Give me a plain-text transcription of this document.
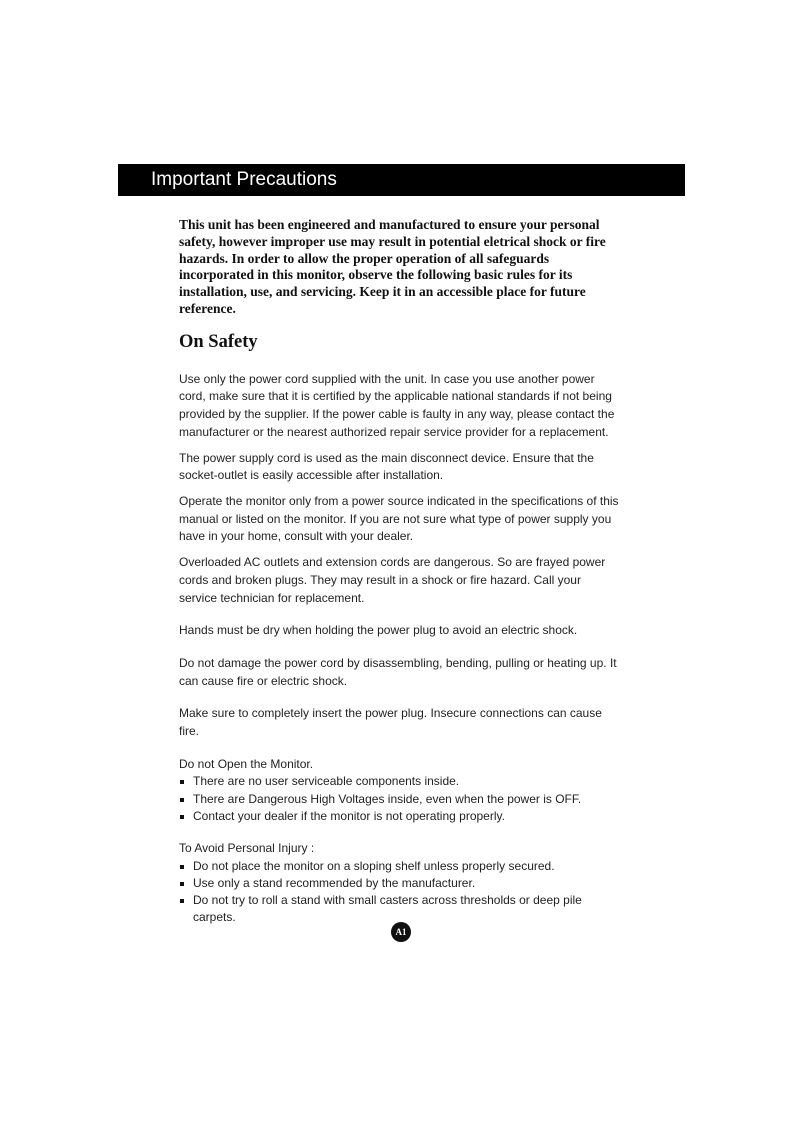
Important Precautions

This unit has been engineered and manufactured to ensure your personal safety, however improper use may result in potential eletrical shock or fire hazards. In order to allow the proper operation of all safeguards incorporated in this monitor, observe the following basic rules for its installation, use, and servicing. Keep it in an accessible place for future reference.

On Safety

Use only the power cord supplied with the unit. In case you use another power cord, make sure that it is certified by the applicable national standards if not being provided by the supplier. If the power cable is faulty in any way, please contact the manufacturer or the nearest authorized repair service provider for a replacement.

The power supply cord is used as the main disconnect device. Ensure that the socket-outlet is easily accessible after installation.

Operate the monitor only from a power source indicated in the specifications of this manual or listed on the monitor. If you are not sure what type of power supply you have in your home, consult with your dealer.

Overloaded AC outlets and extension cords are dangerous. So are frayed power cords and broken plugs. They may result in a shock or fire hazard. Call your service technician for replacement.

Hands must be dry when holding the power plug to avoid an electric shock.

Do not damage the power cord by disassembling, bending, pulling or heating up. It can cause fire or electric shock.

Make sure to completely insert the power plug. Insecure connections can cause fire.

Do not Open the Monitor.

There are no user serviceable components inside.
There are Dangerous High Voltages inside, even when the power is OFF.
Contact your dealer if the monitor is not operating properly.

To Avoid Personal Injury :

Do not place the monitor on a sloping shelf unless properly secured.
Use only a stand recommended by the manufacturer.
Do not try to roll a stand with small casters across thresholds or deep pile carpets.
A1
